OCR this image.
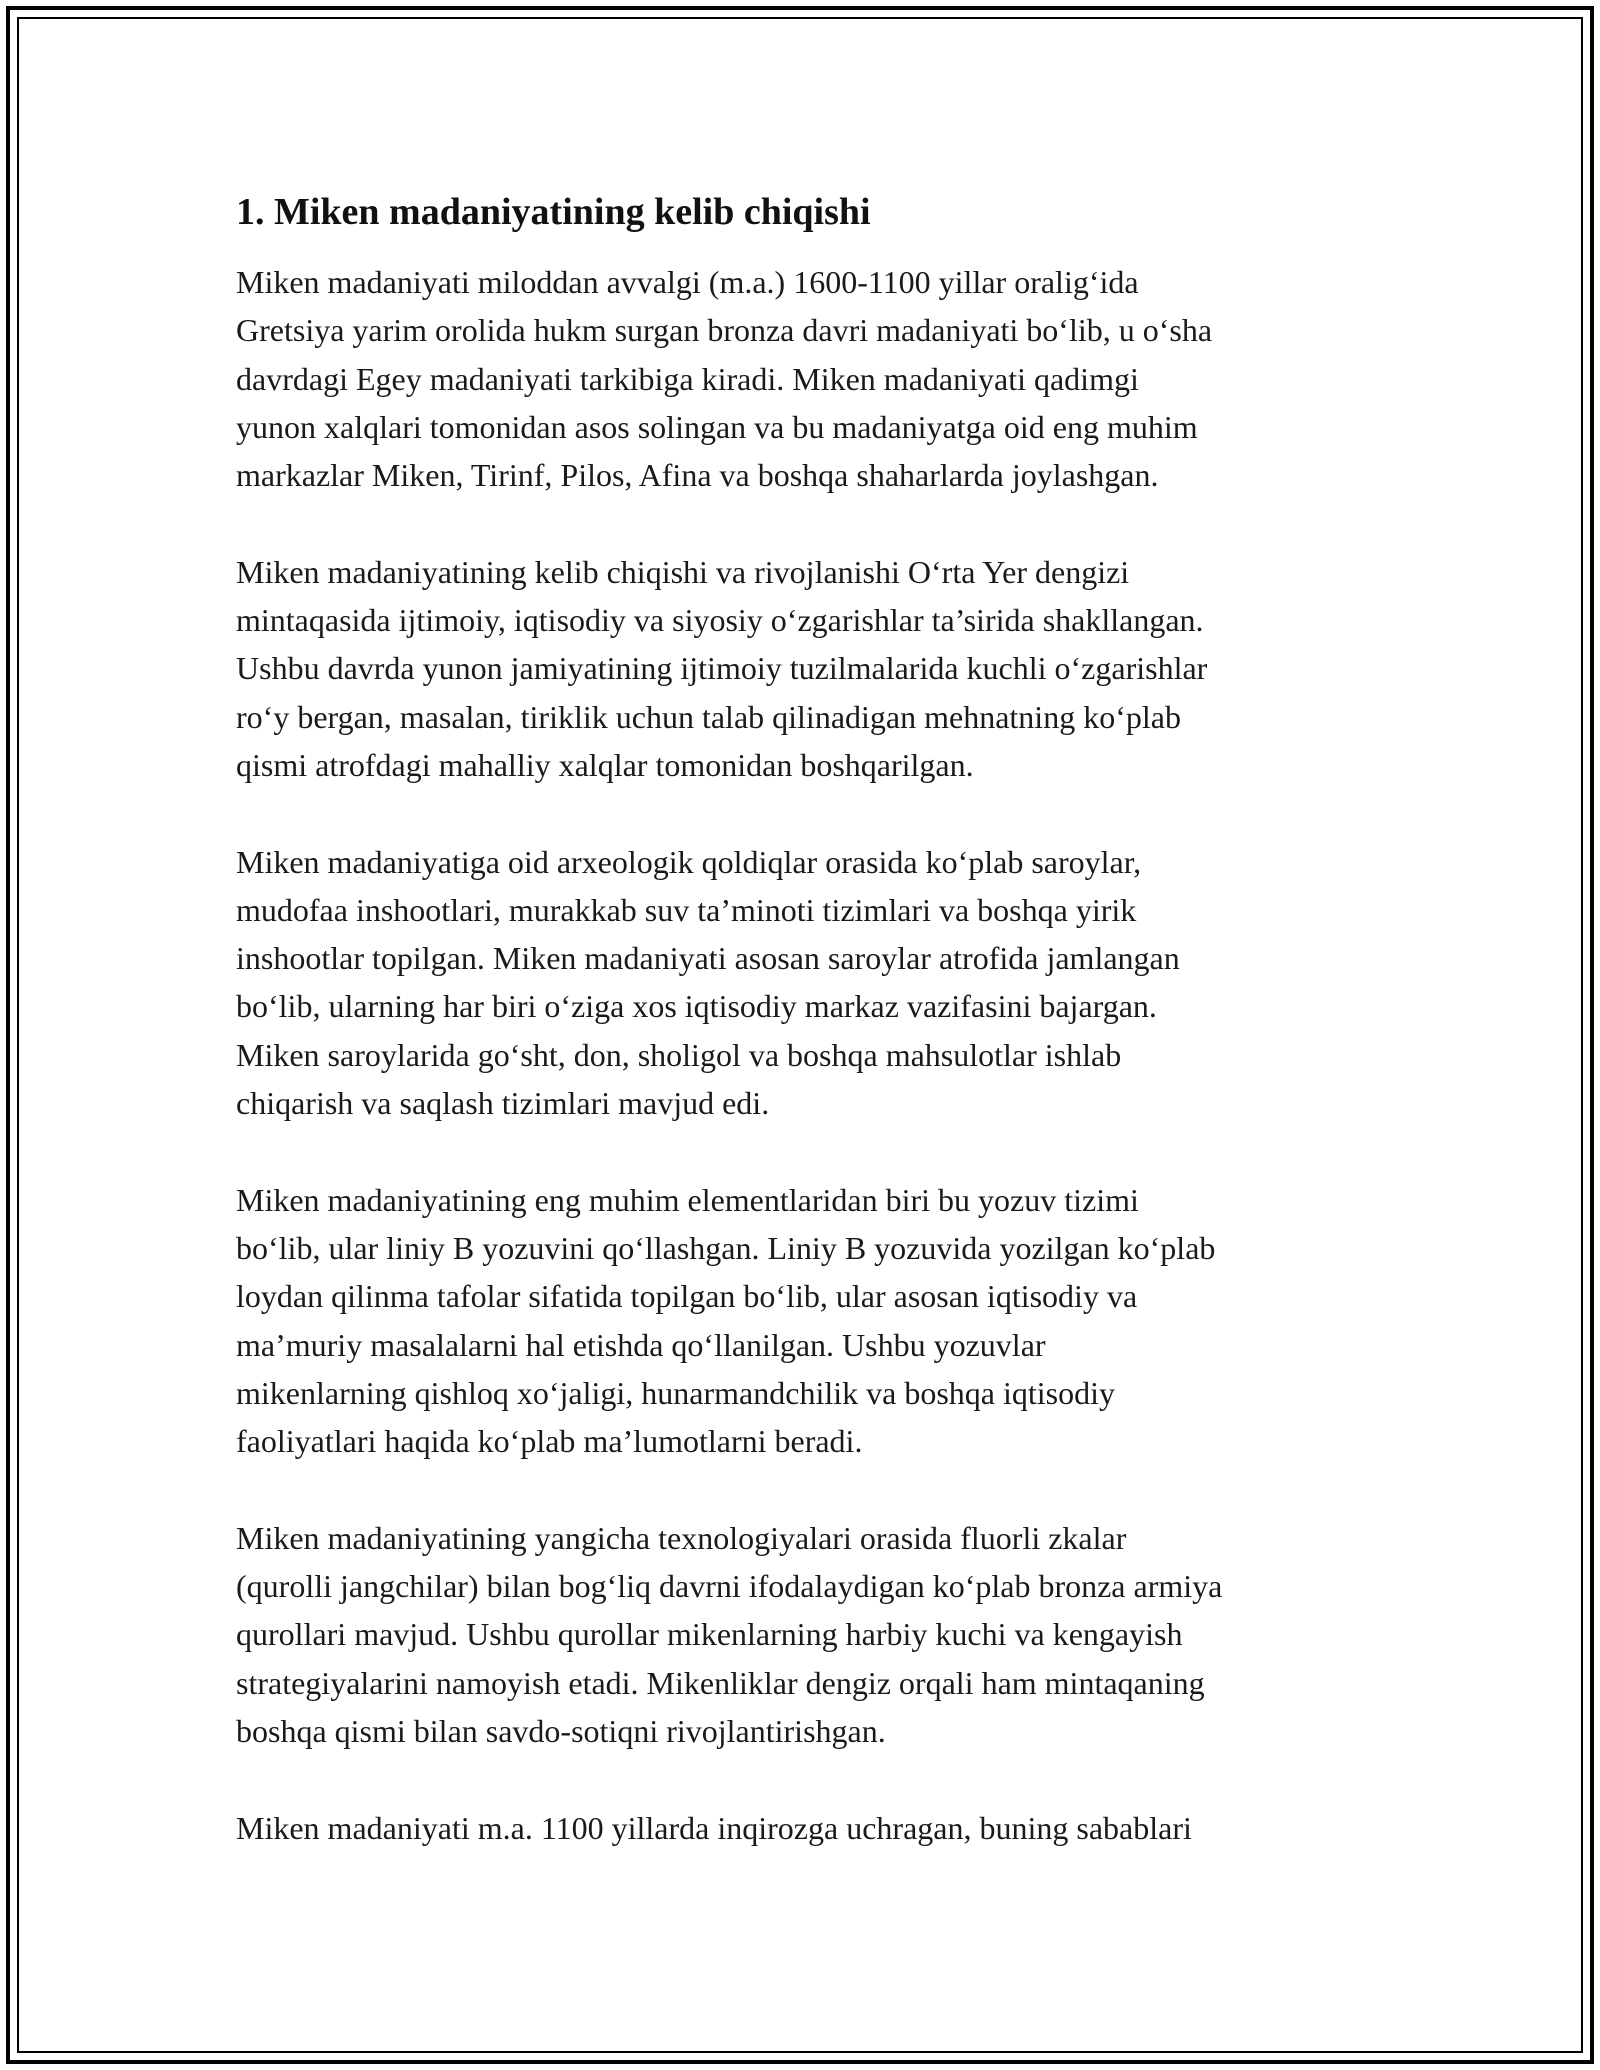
1. Miken madaniyatining kelib chiqishi

Miken madaniyati miloddan avvalgi (m.a.) 1600-1100 yillar oralig‘ida
Gretsiya yarim orolida hukm surgan bronza davri madaniyati bo‘lib, u o‘sha
davrdagi Egey madaniyati tarkibiga kiradi. Miken madaniyati qadimgi
yunon xalqlari tomonidan asos solingan va bu madaniyatga oid eng muhim
markazlar Miken, Tirinf, Pilos, Afina va boshqa shaharlarda joylashgan.

Miken madaniyatining kelib chiqishi va rivojlanishi O‘rta Yer dengizi
mintaqasida ijtimoiy, iqtisodiy va siyosiy o‘zgarishlar ta’sirida shakllangan.
Ushbu davrda yunon jamiyatining ijtimoiy tuzilmalarida kuchli o‘zgarishlar
ro‘y bergan, masalan, tiriklik uchun talab qilinadigan mehnatning ko‘plab
qismi atrofdagi mahalliy xalqlar tomonidan boshqarilgan.

Miken madaniyatiga oid arxeologik qoldiqlar orasida ko‘plab saroylar,
mudofaa inshootlari, murakkab suv ta’minoti tizimlari va boshqa yirik
inshootlar topilgan. Miken madaniyati asosan saroylar atrofida jamlangan
bo‘lib, ularning har biri o‘ziga xos iqtisodiy markaz vazifasini bajargan.
Miken saroylarida go‘sht, don, sholigol va boshqa mahsulotlar ishlab
chiqarish va saqlash tizimlari mavjud edi.

Miken madaniyatining eng muhim elementlaridan biri bu yozuv tizimi
bo‘lib, ular liniy B yozuvini qo‘llashgan. Liniy B yozuvida yozilgan ko‘plab
loydan qilinma tafolar sifatida topilgan bo‘lib, ular asosan iqtisodiy va
ma’muriy masalalarni hal etishda qo‘llanilgan. Ushbu yozuvlar
mikenlarning qishloq xo‘jaligi, hunarmandchilik va boshqa iqtisodiy
faoliyatlari haqida ko‘plab ma’lumotlarni beradi.

Miken madaniyatining yangicha texnologiyalari orasida fluorli zkalar
(qurolli jangchilar) bilan bog‘liq davrni ifodalaydigan ko‘plab bronza armiya
qurollari mavjud. Ushbu qurollar mikenlarning harbiy kuchi va kengayish
strategiyalarini namoyish etadi. Mikenliklar dengiz orqali ham mintaqaning
boshqa qismi bilan savdo-sotiqni rivojlantirishgan.

Miken madaniyati m.a. 1100 yillarda inqirozga uchragan, buning sabablari
